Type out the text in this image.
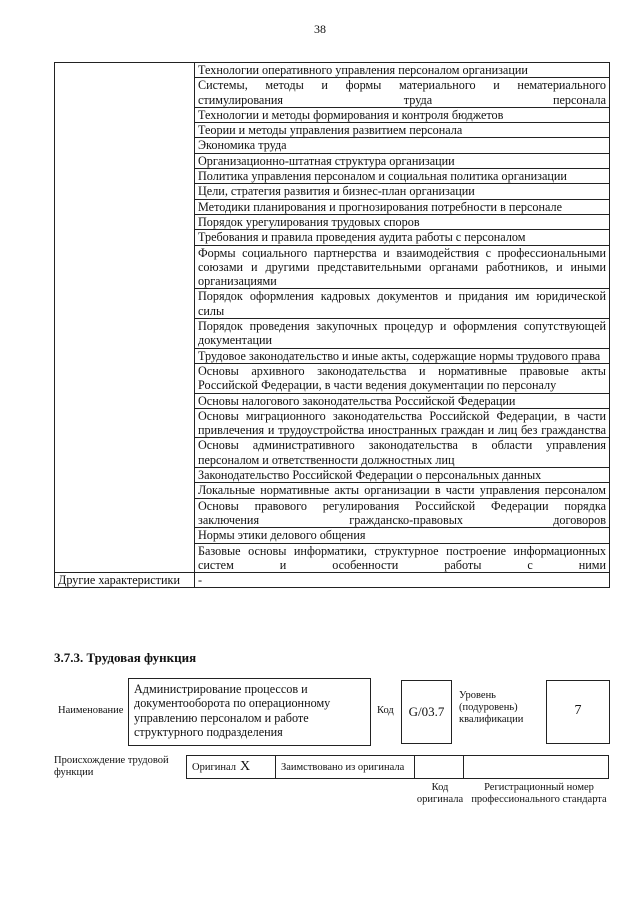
38
	Технологии оперативного управления персоналом организации
	Системы, методы и формы материального и нематериального стимулирования труда персонала
	Технологии и методы формирования и контроля бюджетов
	Теории и методы управления развитием персонала
	Экономика труда
	Организационно-штатная структура организации
	Политика управления персоналом и социальная политика организации
	Цели, стратегия развития и бизнес-план организации
	Методики планирования и прогнозирования потребности в персонале
	Порядок урегулирования трудовых споров
	Требования и правила проведения аудита работы с персоналом
	Формы социального партнерства и взаимодействия с профессиональными союзами и другими представительными органами работников, и иными организациями
	Порядок оформления кадровых документов и придания им юридической силы
	Порядок проведения закупочных процедур и оформления сопутствующей документации
	Трудовое законодательство и иные акты, содержащие нормы трудового права
	Основы архивного законодательства и нормативные правовые акты Российской Федерации, в части ведения документации по персоналу
	Основы налогового законодательства Российской Федерации
	Основы миграционного законодательства Российской Федерации, в части привлечения и трудоустройства иностранных граждан и лиц без гражданства
	Основы административного законодательства в области управления персоналом и ответственности должностных лиц
	Законодательство Российской Федерации о персональных данных
	Локальные нормативные акты организации в части управления персоналом
	Основы правового регулирования Российской Федерации порядка заключения гражданско-правовых договоров
	Нормы этики делового общения
	Базовые основы информатики, структурное построение информационных систем и особенности работы с ними
Другие характеристики	-
3.7.3. Трудовая функция
Наименование
Администрирование процессов и документооборота по операционному управлению персоналом и работе структурного подразделения
Код	G/03.7
Уровень (подуровень) квалификации
7
Происхождение трудовой функции	Оригинал X	Заимствовано из оригинала		
Код оригинала
Регистрационный номер профессионального стандарта
